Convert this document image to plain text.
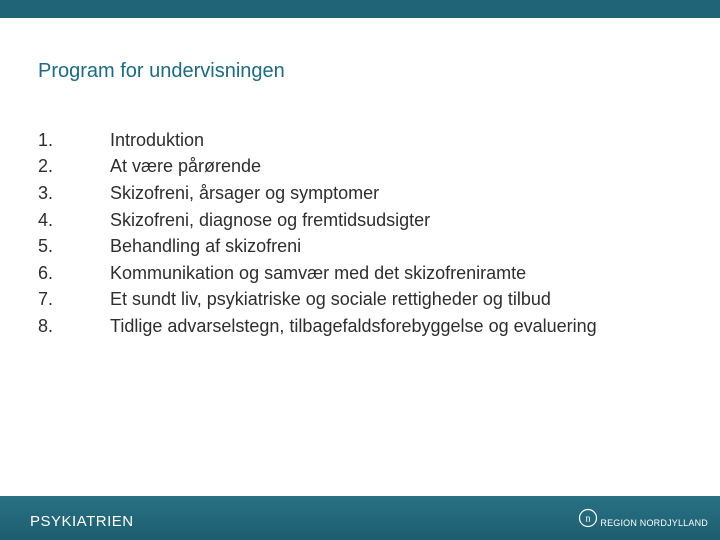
Program for undervisningen
1.	Introduktion
2.	At være pårørende
3.	Skizofreni, årsager og symptomer
4.	Skizofreni, diagnose og fremtidsudsigter
5.	Behandling af skizofreni
6.	Kommunikation og samvær med det skizofreniramte
7.	Et sundt liv, psykiatriske og sociale rettigheder og tilbud
8.	Tidlige advarselstegn, tilbagefaldsforebyggelse og evaluering
PSYKIATRIEN	n REGION NORDJYLLAND
